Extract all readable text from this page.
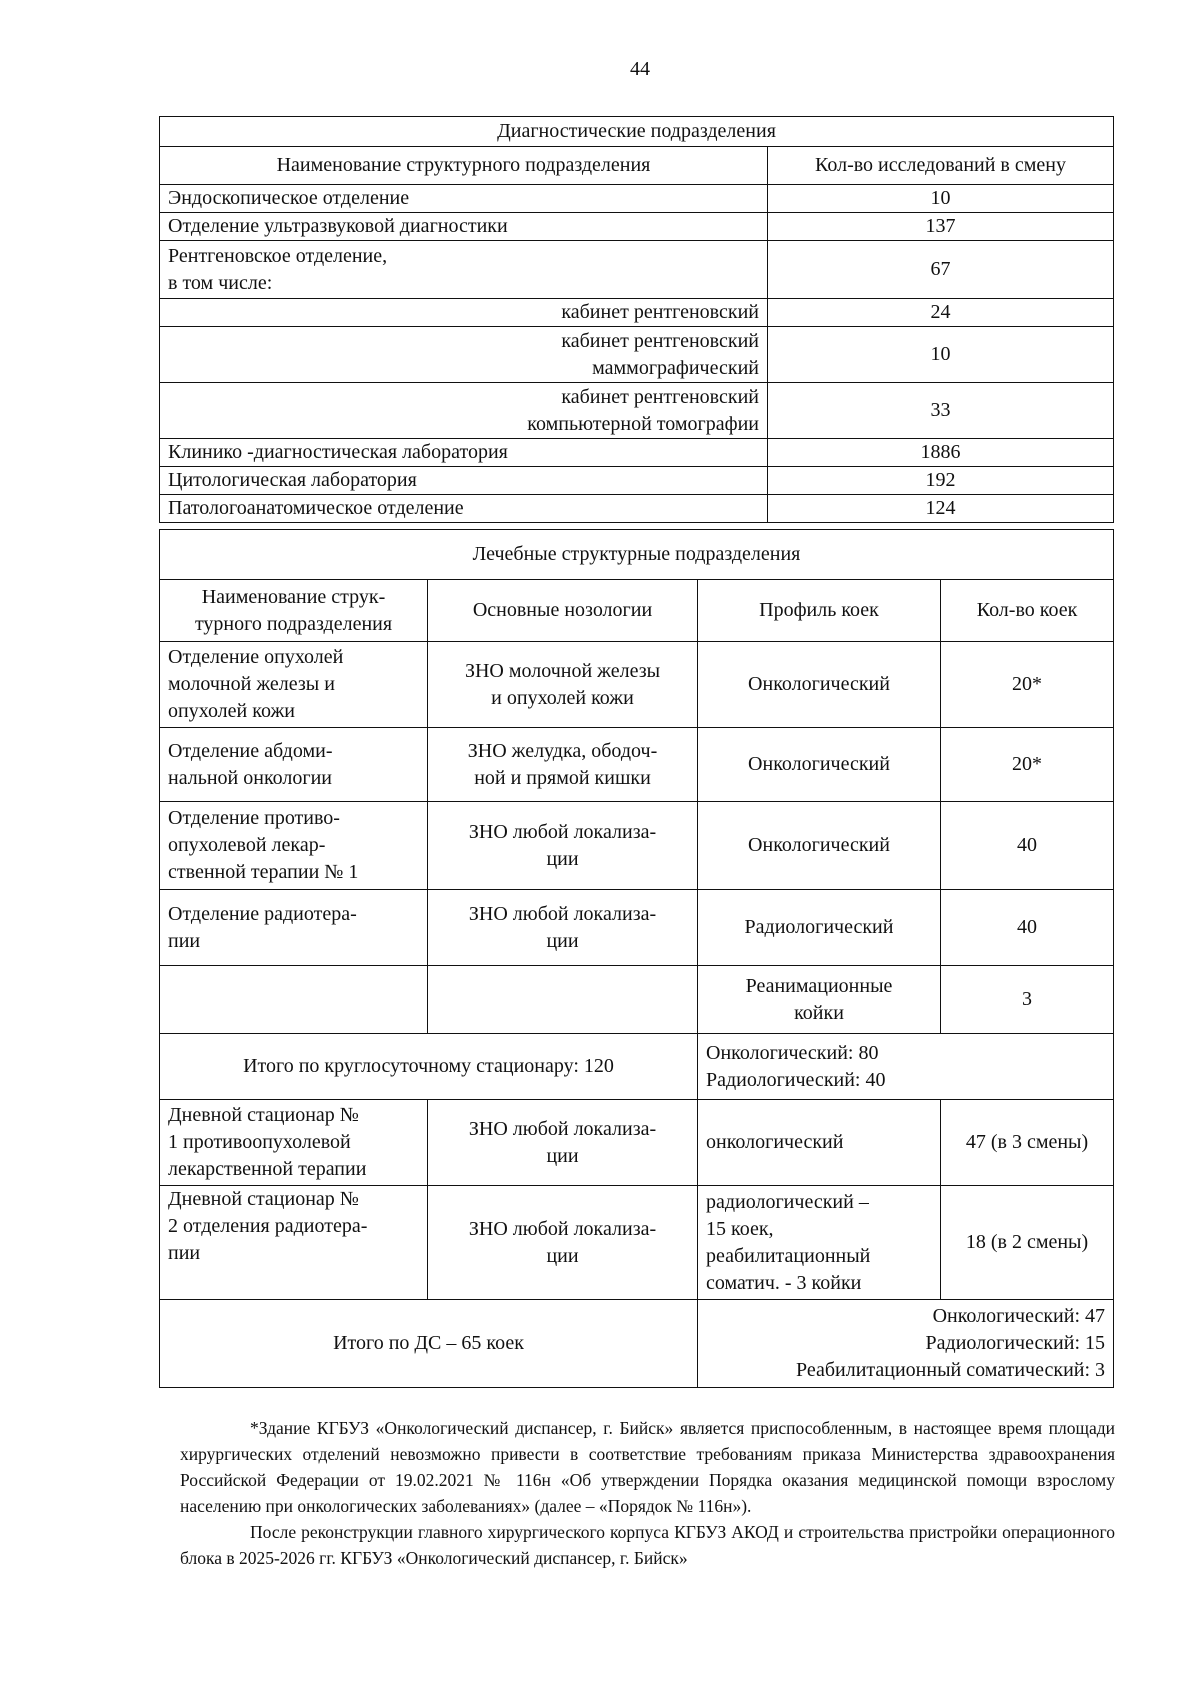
44
Диагностические подразделения	
Наименование структурного подразделения	Кол-во исследований в смену
Эндоскопическое отделение	10
Отделение ультразвуковой диагностики	137

Рентгеновское отделение,
в том числе:	67
кабинет рентгеновский	24

кабинет рентгеновский
маммографический	10

кабинет рентгеновский
компьютерной томографии	33
Клинико -диагностическая лаборатория	1886
Цитологическая лаборатория	192
Патологоанатомическое отделение	124
Лечебные структурные подразделения			
Наименование струк-
турного подразделения	Основные нозологии	Профиль коек	Кол-во коек
Отделение опухолей
молочной железы и
опухолей кожи	ЗНО молочной железы
и опухолей кожи	Онкологический	20*
Отделение абдоми-
нальной онкологии	ЗНО желудка, ободоч-
ной и прямой кишки	Онкологический	20*
Отделение противо-
опухолевой лекар-
ственной терапии № 1	ЗНО любой локализа-
ции	Онкологический	40
Отделение радиотера-
пии	ЗНО любой локализа-
ции	Радиологический	40
		Реанимационные
койки	3
Итого по круглосуточному стационару: 120		Онкологический: 80
Радиологический: 40	
Дневной стационар №
1 противоопухолевой
лекарственной терапии	ЗНО любой локализа-
ции	онкологический	47 (в 3 смены)
Дневной стационар №
2 отделения радиотера-
пии	ЗНО любой локализа-
ции	радиологический –
15 коек,
реабилитационный
соматич. - 3 койки	18 (в 2 смены)
Итого по ДС – 65 коек		Онкологический: 47
Радиологический: 15
Реабилитационный соматический: 3	

*Здание КГБУЗ «Онкологический диспансер, г. Бийск» является приспособленным, в настоящее время площади хирургических отделений невозможно привести в соответствие требованиям приказа Министерства здравоохранения Российской Федерации от 19.02.2021 № 116н «Об утверждении Порядка оказания медицинской помощи взрослому населению при онкологических заболеваниях» (далее – «Порядок № 116н»).

После реконструкции главного хирургического корпуса КГБУЗ АКОД и строительства пристройки операционного блока в 2025-2026 гг. КГБУЗ «Онкологический диспансер, г. Бийск»
